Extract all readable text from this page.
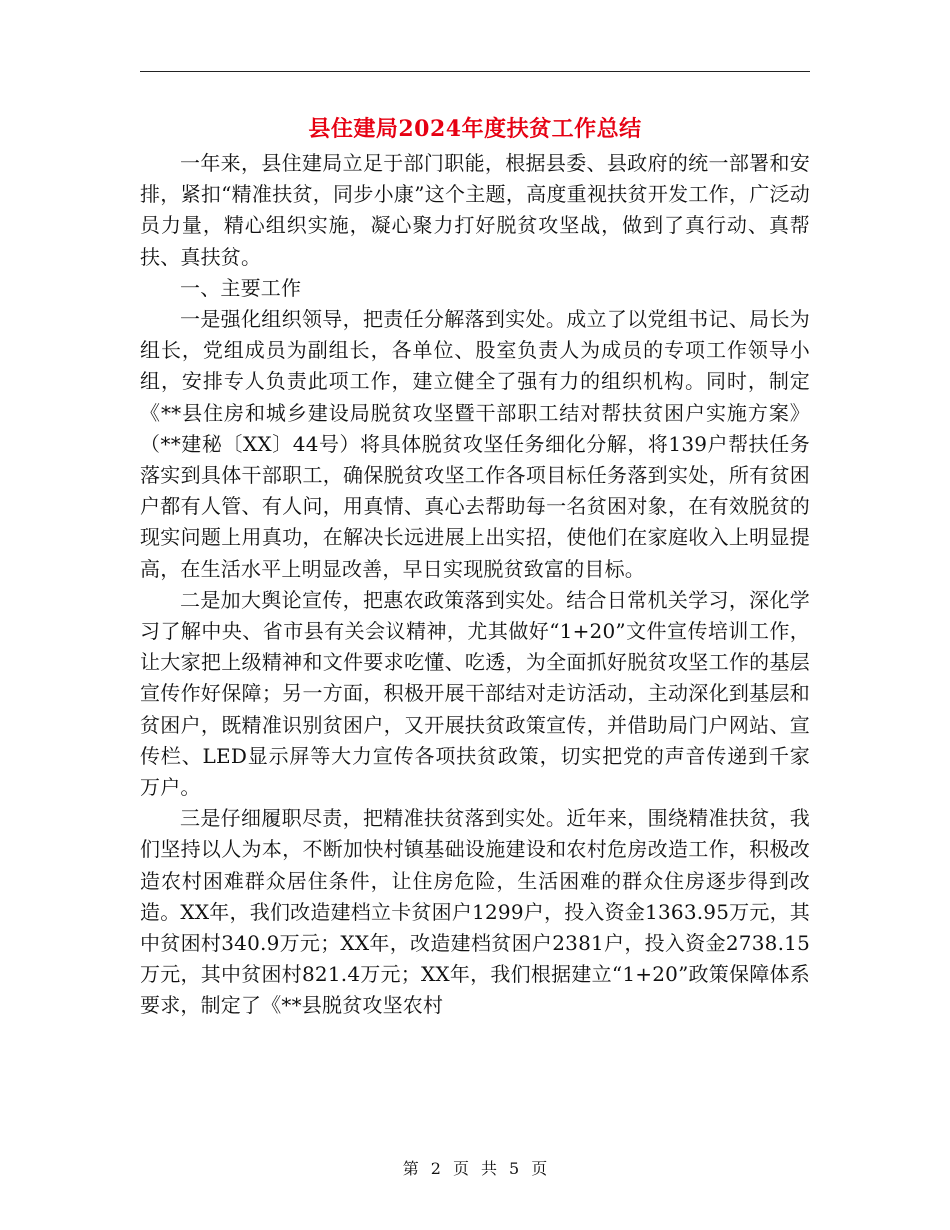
县住建局2024年度扶贫工作总结

一年来，县住建局立足于部门职能，根据县委、县政府的统一部署和安排，紧扣“精准扶贫，同步小康”这个主题，高度重视扶贫开发工作，广泛动员力量，精心组织实施，凝心聚力打好脱贫攻坚战，做到了真行动、真帮扶、真扶贫。

一、主要工作

一是强化组织领导，把责任分解落到实处。成立了以党组书记、局长为组长，党组成员为副组长，各单位、股室负责人为成员的专项工作领导小组，安排专人负责此项工作，建立健全了强有力的组织机构。同时，制定《**县住房和城乡建设局脱贫攻坚暨干部职工结对帮扶贫困户实施方案》（**建秘〔XX〕44号）将具体脱贫攻坚任务细化分解，将139户帮扶任务落实到具体干部职工，确保脱贫攻坚工作各项目标任务落到实处，所有贫困户都有人管、有人问，用真情、真心去帮助每一名贫困对象，在有效脱贫的现实问题上用真功，在解决长远进展上出实招，使他们在家庭收入上明显提高，在生活水平上明显改善，早日实现脱贫致富的目标。

二是加大舆论宣传，把惠农政策落到实处。结合日常机关学习，深化学习了解中央、省市县有关会议精神，尤其做好“1+20”文件宣传培训工作，让大家把上级精神和文件要求吃懂、吃透，为全面抓好脱贫攻坚工作的基层宣传作好保障；另一方面，积极开展干部结对走访活动，主动深化到基层和贫困户，既精准识别贫困户，又开展扶贫政策宣传，并借助局门户网站、宣传栏、LED显示屏等大力宣传各项扶贫政策，切实把党的声音传递到千家万户。

三是仔细履职尽责，把精准扶贫落到实处。近年来，围绕精准扶贫，我们坚持以人为本，不断加快村镇基础设施建设和农村危房改造工作，积极改造农村困难群众居住条件，让住房危险，生活困难的群众住房逐步得到改造。XX年，我们改造建档立卡贫困户1299户，投入资金1363.95万元，其中贫困村340.9万元；XX年，改造建档贫困户2381户，投入资金2738.15万元，其中贫困村821.4万元；XX年，我们根据建立“1+20”政策保障体系要求，制定了《**县脱贫攻坚农村

第 2 页 共 5 页
